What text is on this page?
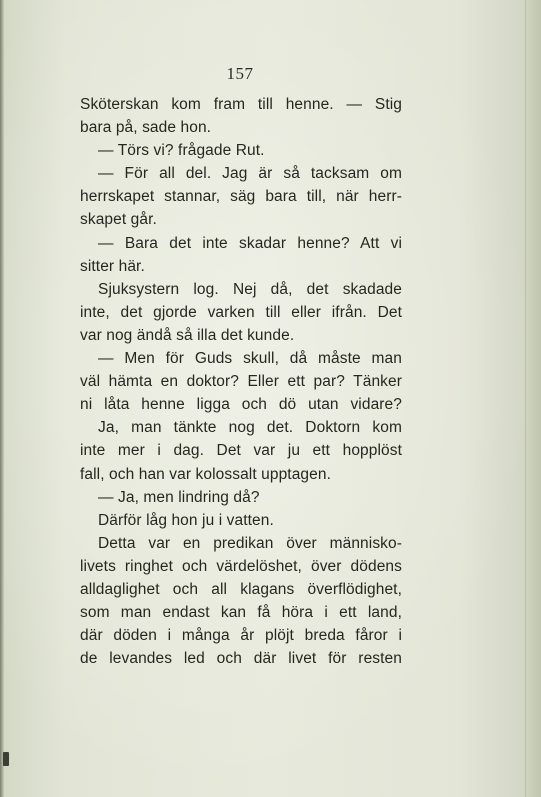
157
Sköterskan kom fram till henne. — Stig
bara på, sade hon.
— Törs vi? frågade Rut.
— För all del. Jag är så tacksam om
herrskapet stannar, säg bara till, när herr-
skapet går.
— Bara det inte skadar henne? Att vi
sitter här.
Sjuksystern log. Nej då, det skadade
inte, det gjorde varken till eller ifrån. Det
var nog ändå så illa det kunde.
— Men för Guds skull, då måste man
väl hämta en doktor? Eller ett par? Tänker
ni låta henne ligga och dö utan vidare?
Ja, man tänkte nog det. Doktorn kom
inte mer i dag. Det var ju ett hopplöst
fall, och han var kolossalt upptagen.
— Ja, men lindring då?
Därför låg hon ju i vatten.
Detta var en predikan över människo-
livets ringhet och värdelöshet, över dödens
alldaglighet och all klagans överflödighet,
som man endast kan få höra i ett land,
där döden i många år plöjt breda fåror i
de levandes led och där livet för resten
